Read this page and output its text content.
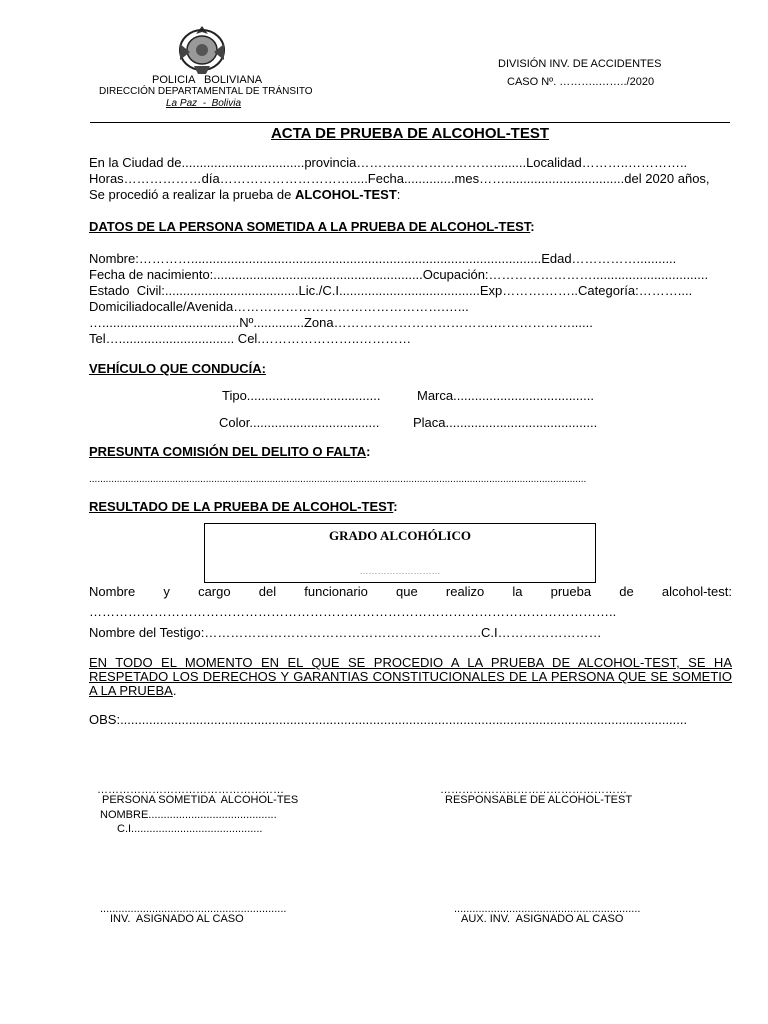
POLICIA   BOLIVIANA
DIRECCIÓN DEPARTAMENTAL DE TRÁNSITO
La Paz  -  Bolivia
DIVISIÓN INV. DE ACCIDENTES
CASO Nº. ………..……../2020
ACTA DE PRUEBA DE ALCOHOL-TEST
En la Ciudad de..................................provincia………..………………….........Localidad………..…………..
Horas………………día………………………….....Fecha..............mes…….................................del 2020 años,
Se procedió a realizar la prueba de ALCOHOL-TEST:
DATOS DE LA PERSONA SOMETIDA A LA PRUEBA DE ALCOHOL-TEST:
Nombre:………….................................................................................................Edad……………...........
Fecha de nacimiento:..........................................................Ocupación:……………………................................
Estado  Civil:.....................................Lic./C.I.......................................Exp……….……..Categoría:………....
Domiciliadocalle/Avenida………………………………………….…...
…......................................Nº..............Zona……………………………….………………......
Tel…................................ Cel.…………………..…………
VEHÍCULO QUE CONDUCÍA:
Tipo.....................................	Marca.......................................
Color....................................	Placa..........................................
PRESUNTA COMISIÓN DEL DELITO O FALTA:
...................................................................................................................................................................................
RESULTADO DE LA PRUEBA DE ALCOHOL-TEST:
GRADO ALCOHÓLICO
………………………
Nombre y cargo del funcionario que realizo la prueba de alcohol-test:
…………………………………………………………………………………………………………..
Nombre del Testigo:……………………………………………………….C.I……………………
EN TODO EL MOMENTO EN EL QUE SE PROCEDIO A LA PRUEBA DE ALCOHOL-TEST, SE HA RESPETADO LOS DERECHOS Y GARANTIAS CONSTITUCIONALES DE LA PERSONA QUE SE SOMETIO A LA PRUEBA.
OBS:.............................................................................................................................................................
……………………………………………
PERSONA SOMETIDA  ALCOHOL-TES
NOMBRE..........................................
C.I...........................................
……………………………………………
RESPONSABLE DE ALCOHOL-TEST
.............................................................
INV.  ASIGNADO AL CASO
.............................................................
AUX. INV.  ASIGNADO AL CASO
